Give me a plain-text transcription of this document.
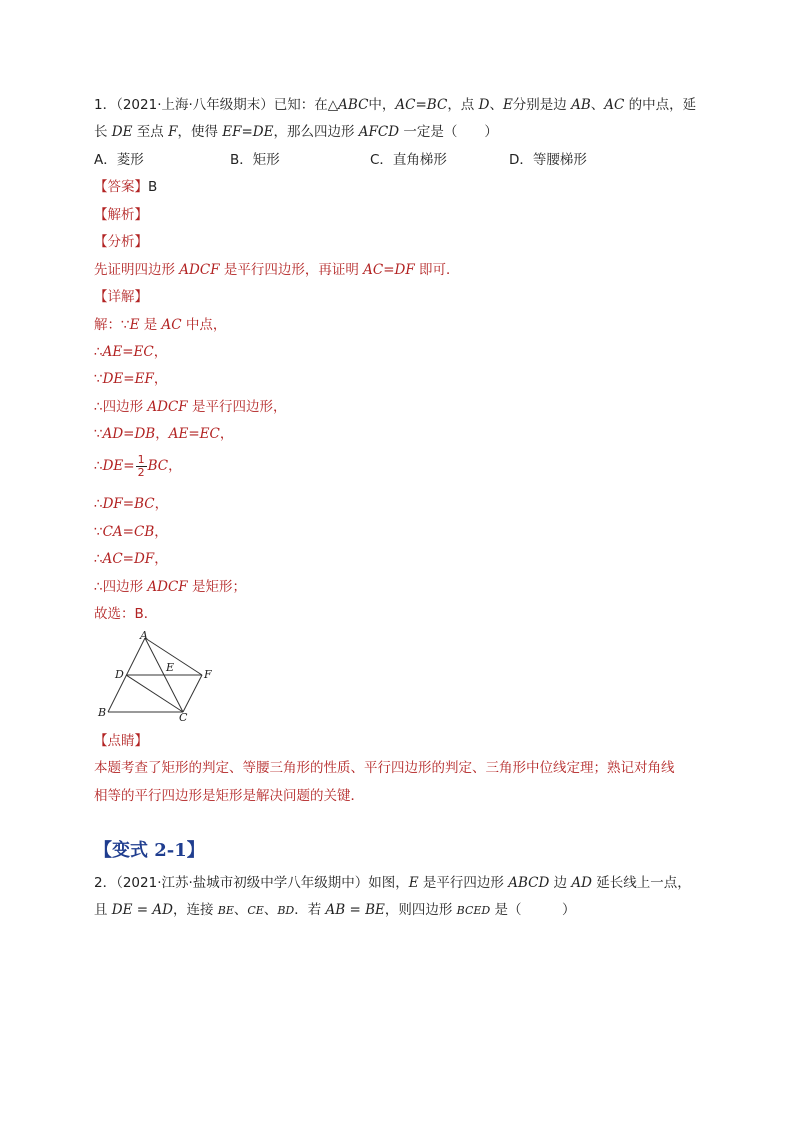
1．（2021·上海·八年级期末）已知：在△ABC中，AC=BC，点 D、E分别是边 AB、AC 的中点，延
长 DE 至点 F，使得 EF=DE，那么四边形 AFCD 一定是（　　）
A．菱形	B．矩形	C．直角梯形	D．等腰梯形
【答案】B
【解析】
【分析】
先证明四边形 ADCF 是平行四边形，再证明 AC=DF 即可．
【详解】
解：∵E 是 AC 中点，
∴AE=EC，
∵DE=EF，
∴四边形 ADCF 是平行四边形，
∵AD=DB，AE=EC，
∴DE= $\frac{1}{2}$ BC，
∴DF=BC，
∵CA=CB，
∴AC=DF，
∴四边形 ADCF 是矩形；
故选：B．
A
B	C
D
E
F
【点睛】
本题考查了矩形的判定、等腰三角形的性质、平行四边形的判定、三角形中位线定理；熟记对角线
相等的平行四边形是矩形是解决问题的关键．
【变式 2-1】
2．（2021·江苏·盐城市初级中学八年级期中）如图，E 是平行四边形 ABCD 边 AD 延长线上一点，
且 DE = AD，连接 BE、CE、BD．若 AB = BE，则四边形 BCED 是（　　　）
